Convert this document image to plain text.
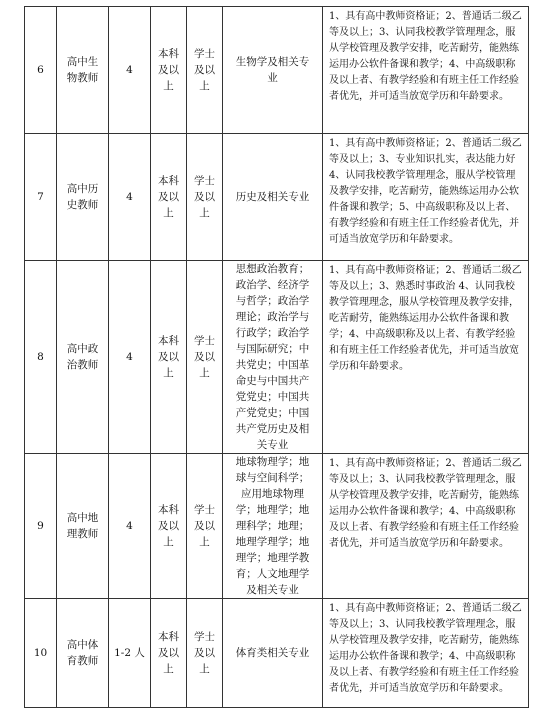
6	高中生物教师	4	本科及以上	学士及以上	生物学及相关专业	1、具有高中教师资格证；2、普通话二级乙等及以上；3、认同我校教学管理理念，服从学校管理及教学安排，吃苦耐劳，能熟练运用办公软件备课和教学；4、中高级职称及以上者、有教学经验和有班主任工作经验者优先，并可适当放宽学历和年龄要求。
7	高中历史教师	4	本科及以上	学士及以上	历史及相关专业	1、具有高中教师资格证；2、普通话二级乙等及以上；3、专业知识扎实，表达能力好 4、认同我校教学管理理念，服从学校管理及教学安排，吃苦耐劳，能熟练运用办公软件备课和教学；5、中高级职称及以上者、有教学经验和有班主任工作经验者优先，并可适当放宽学历和年龄要求。
8	高中政治教师	4	本科及以上	学士及以上	思想政治教育；政治学、经济学与哲学；政治学理论；政治学与行政学；政治学与国际研究；中共党史；中国革命史与中国共产党党史；中国共产党党史；中国共产党历史及相关专业	1、具有高中教师资格证；2、普通话二级乙等及以上；3、熟悉时事政治 4、认同我校教学管理理念，服从学校管理及教学安排，吃苦耐劳，能熟练运用办公软件备课和教学；4、中高级职称及以上者、有教学经验和有班主任工作经验者优先，并可适当放宽学历和年龄要求。
9	高中地理教师	4	本科及以上	学士及以上	地球物理学；地球与空间科学；应用地球物理学；地理学；地理科学；地理；地理学理学；地理学；地理学教育；人文地理学及相关专业	1、具有高中教师资格证；2、普通话二级乙等及以上；3、认同我校教学管理理念，服从学校管理及教学安排，吃苦耐劳，能熟练运用办公软件备课和教学；4、中高级职称及以上者、有教学经验和有班主任工作经验者优先，并可适当放宽学历和年龄要求。
10	高中体育教师	1-2 人	本科及以上	学士及以上	体育类相关专业	1、具有高中教师资格证；2、普通话二级乙等及以上；3、认同我校教学管理理念，服从学校管理及教学安排，吃苦耐劳，能熟练运用办公软件备课和教学；4、中高级职称及以上者、有教学经验和有班主任工作经验者优先，并可适当放宽学历和年龄要求。
